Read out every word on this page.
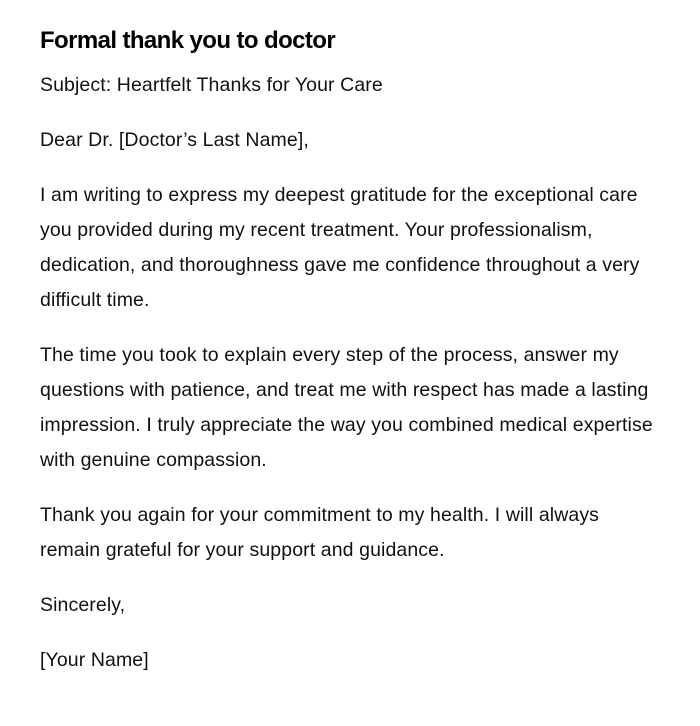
Formal thank you to doctor

Subject: Heartfelt Thanks for Your Care

Dear Dr. [Doctor’s Last Name],

I am writing to express my deepest gratitude for the exceptional care you provided during my recent treatment. Your professionalism, dedication, and thoroughness gave me confidence throughout a very difficult time.

The time you took to explain every step of the process, answer my questions with patience, and treat me with respect has made a lasting impression. I truly appreciate the way you combined medical expertise with genuine compassion.

Thank you again for your commitment to my health. I will always remain grateful for your support and guidance.

Sincerely,

[Your Name]
